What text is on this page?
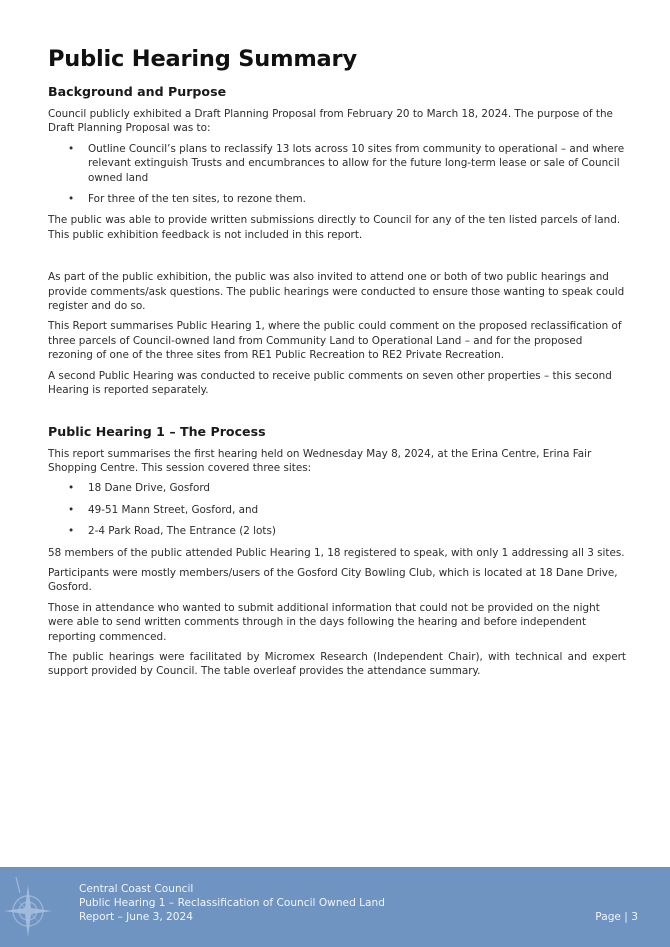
Public Hearing Summary
Background and Purpose

Council publicly exhibited a Draft Planning Proposal from February 20 to March 18, 2024. The purpose of the Draft Planning Proposal was to:

• Outline Council’s plans to reclassify 13 lots across 10 sites from community to operational – and where relevant extinguish Trusts and encumbrances to allow for the future long-term lease or sale of Council owned land
• For three of the ten sites, to rezone them.

The public was able to provide written submissions directly to Council for any of the ten listed parcels of land. This public exhibition feedback is not included in this report.

As part of the public exhibition, the public was also invited to attend one or both of two public hearings and provide comments/ask questions. The public hearings were conducted to ensure those wanting to speak could register and do so.

This Report summarises Public Hearing 1, where the public could comment on the proposed reclassification of three parcels of Council-owned land from Community Land to Operational Land – and for the proposed rezoning of one of the three sites from RE1 Public Recreation to RE2 Private Recreation.

A second Public Hearing was conducted to receive public comments on seven other properties – this second Hearing is reported separately.

Public Hearing 1 – The Process

This report summarises the first hearing held on Wednesday May 8, 2024, at the Erina Centre, Erina Fair Shopping Centre. This session covered three sites:

• 18 Dane Drive, Gosford
• 49-51 Mann Street, Gosford, and
• 2-4 Park Road, The Entrance (2 lots)

58 members of the public attended Public Hearing 1, 18 registered to speak, with only 1 addressing all 3 sites.

Participants were mostly members/users of the Gosford City Bowling Club, which is located at 18 Dane Drive, Gosford.

Those in attendance who wanted to submit additional information that could not be provided on the night were able to send written comments through in the days following the hearing and before independent reporting commenced.

The public hearings were facilitated by Micromex Research (Independent Chair), with technical and expert support provided by Council. The table overleaf provides the attendance summary.

Central Coast Council
Public Hearing 1 – Reclassification of Council Owned Land
Report – June 3, 2024	Page | 3
